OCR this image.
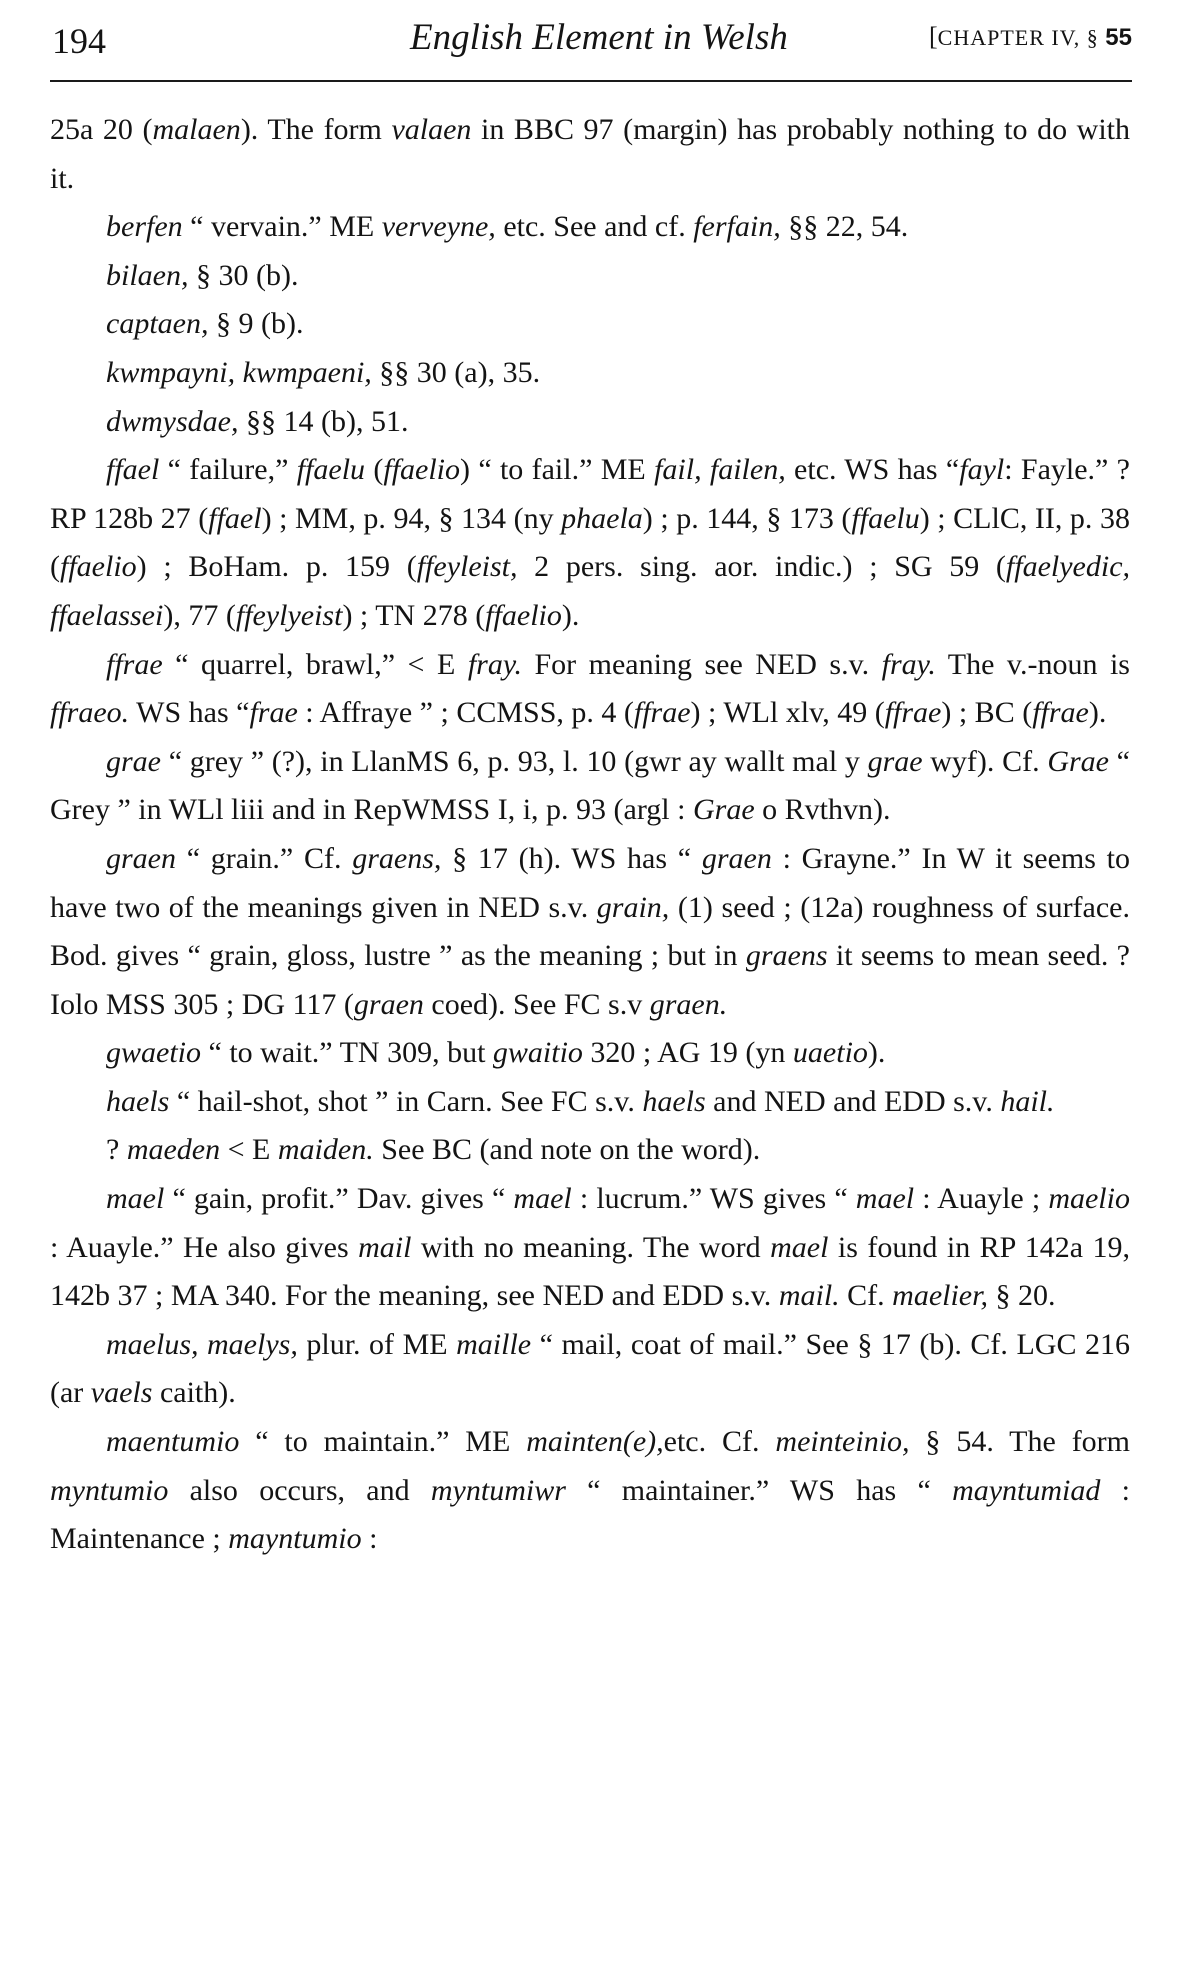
194	English Element in Welsh	[CHAPTER IV, § 55

25a 20 (malaen). The form valaen in BBC 97 (margin) has probably nothing to do with it.

berfen “ vervain.” ME verveyne, etc. See and cf. ferfain, §§ 22, 54.

bilaen, § 30 (b).

captaen, § 9 (b).

kwmpayni, kwmpaeni, §§ 30 (a), 35.

dwmysdae, §§ 14 (b), 51.

ffael “ failure,” ffaelu (ffaelio) “ to fail.” ME fail, failen, etc. WS has “fayl: Fayle.” ? RP 128b 27 (ffael) ; MM, p. 94, § 134 (ny phaela) ; p. 144, § 173 (ffaelu) ; CLlC, II, p. 38 (ffaelio) ; BoHam. p. 159 (ffeyleist, 2 pers. sing. aor. indic.) ; SG 59 (ffaelyedic, ffaelassei), 77 (ffeylyeist) ; TN 278 (ffaelio).

ffrae “ quarrel, brawl,” < E fray. For meaning see NED s.v. fray. The v.-noun is ffraeo. WS has “frae : Affraye ” ; CCMSS, p. 4 (ffrae) ; WLl xlv, 49 (ffrae) ; BC (ffrae).

grae “ grey ” (?), in LlanMS 6, p. 93, l. 10 (gwr ay wallt mal y grae wyf). Cf. Grae “ Grey ” in WLl liii and in RepWMSS I, i, p. 93 (argl : Grae o Rvthvn).

graen “ grain.” Cf. graens, § 17 (h). WS has “ graen : Grayne.” In W it seems to have two of the meanings given in NED s.v. grain, (1) seed ; (12a) roughness of surface. Bod. gives “ grain, gloss, lustre ” as the meaning ; but in graens it seems to mean seed. ? Iolo MSS 305 ; DG 117 (graen coed). See FC s.v graen.

gwaetio “ to wait.” TN 309, but gwaitio 320 ; AG 19 (yn uaetio).

haels “ hail-shot, shot ” in Carn. See FC s.v. haels and NED and EDD s.v. hail.

? maeden < E maiden. See BC (and note on the word).

mael “ gain, profit.” Dav. gives “ mael : lucrum.” WS gives “ mael : Auayle ; maelio : Auayle.” He also gives mail with no meaning. The word mael is found in RP 142a 19, 142b 37 ; MA 340. For the meaning, see NED and EDD s.v. mail. Cf. maelier, § 20.

maelus, maelys, plur. of ME maille “ mail, coat of mail.” See § 17 (b). Cf. LGC 216 (ar vaels caith).

maentumio “ to maintain.” ME mainten(e),etc. Cf. meinteinio, § 54. The form myntumio also occurs, and myntumiwr “ maintainer.” WS has “ mayntumiad : Maintenance ; mayntumio :
